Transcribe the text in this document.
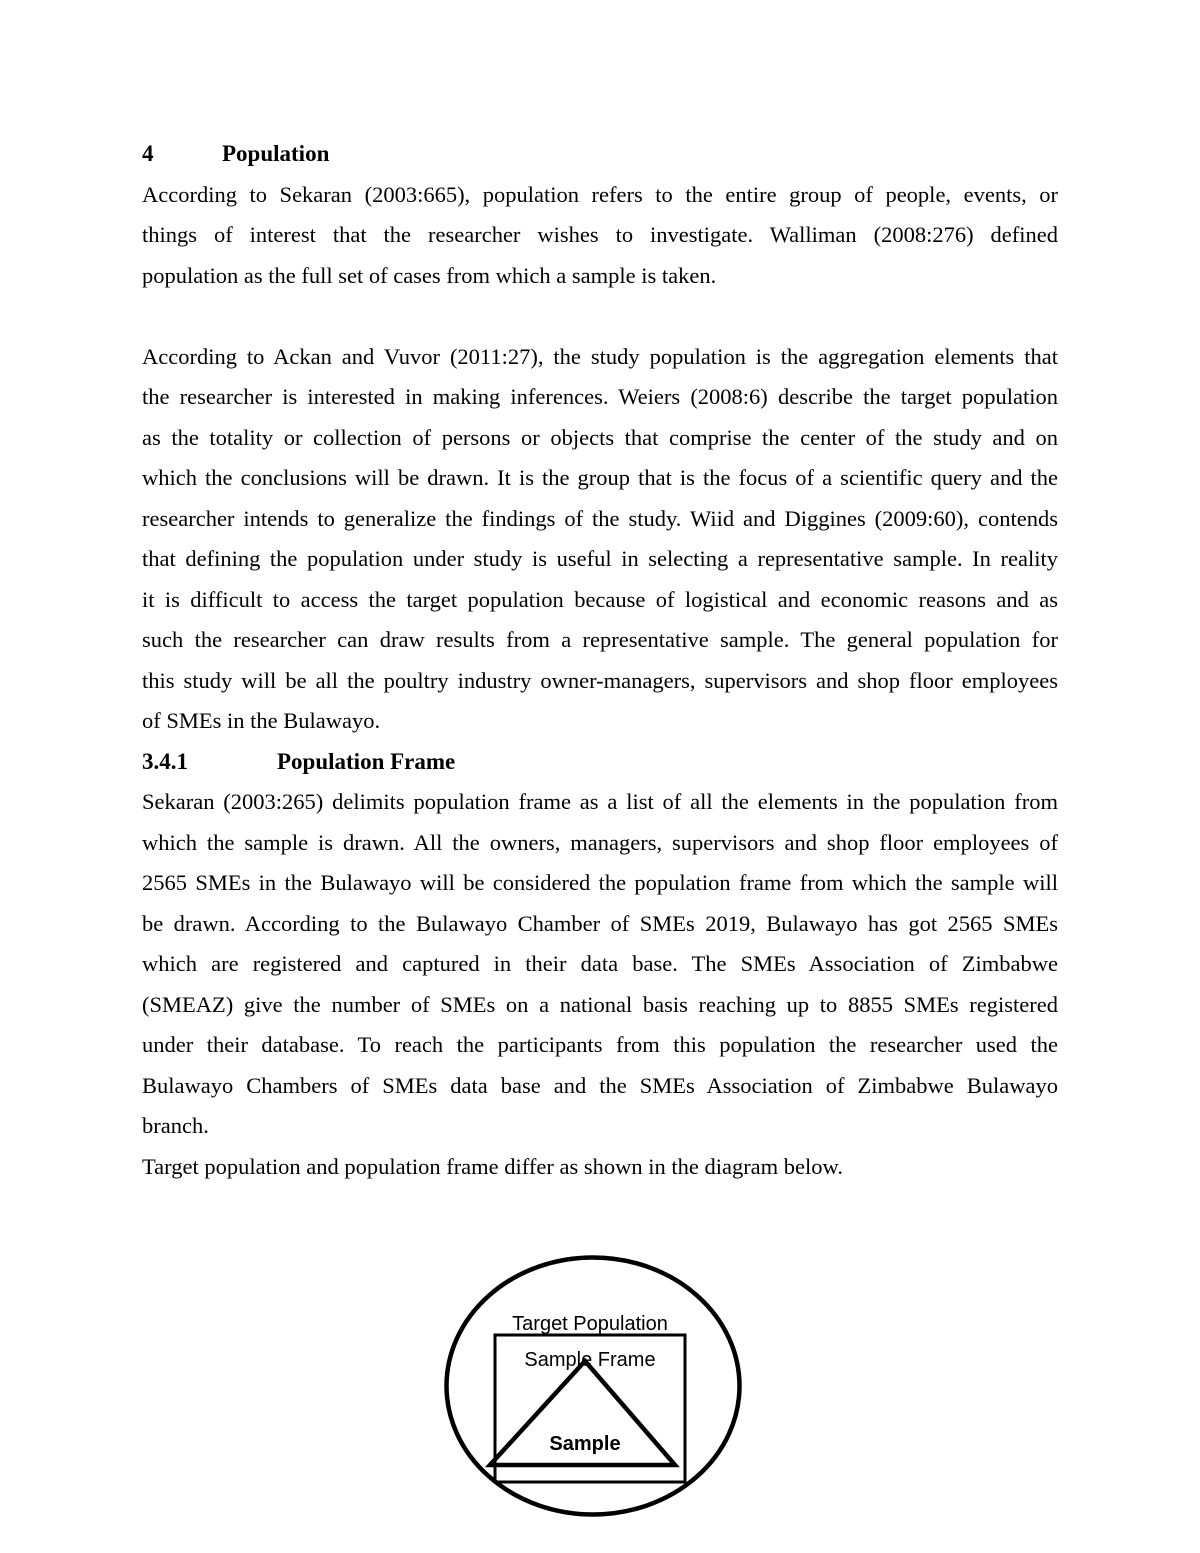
4	Population

According to Sekaran (2003:665), population refers to the entire group of people, events, or
things of interest that the researcher wishes to investigate. Walliman (2008:276) defined
population as the full set of cases from which a sample is taken.

According to Ackan and Vuvor (2011:27), the study population is the aggregation elements that
the researcher is interested in making inferences. Weiers (2008:6) describe the target population
as the totality or collection of persons or objects that comprise the center of the study and on
which the conclusions will be drawn. It is the group that is the focus of a scientific query and the
researcher intends to generalize the findings of the study. Wiid and Diggines (2009:60), contends
that defining the population under study is useful in selecting a representative sample. In reality
it is difficult to access the target population because of logistical and economic reasons and as
such the researcher can draw results from a representative sample. The general population for
this study will be all the poultry industry owner-managers, supervisors and shop floor employees
of SMEs in the Bulawayo.

3.4.1	Population Frame

Sekaran (2003:265) delimits population frame as a list of all the elements in the population from
which the sample is drawn. All the owners, managers, supervisors and shop floor employees of
2565 SMEs in the Bulawayo will be considered the population frame from which the sample will
be drawn. According to the Bulawayo Chamber of SMEs 2019, Bulawayo has got 2565 SMEs
which are registered and captured in their data base. The SMEs Association of Zimbabwe
(SMEAZ) give the number of SMEs on a national basis reaching up to 8855 SMEs registered
under their database. To reach the participants from this population the researcher used the
Bulawayo Chambers of SMEs data base and the SMEs Association of Zimbabwe Bulawayo
branch.

Target population and population frame differ as shown in the diagram below.

Target Population
Sample Frame
Sample
